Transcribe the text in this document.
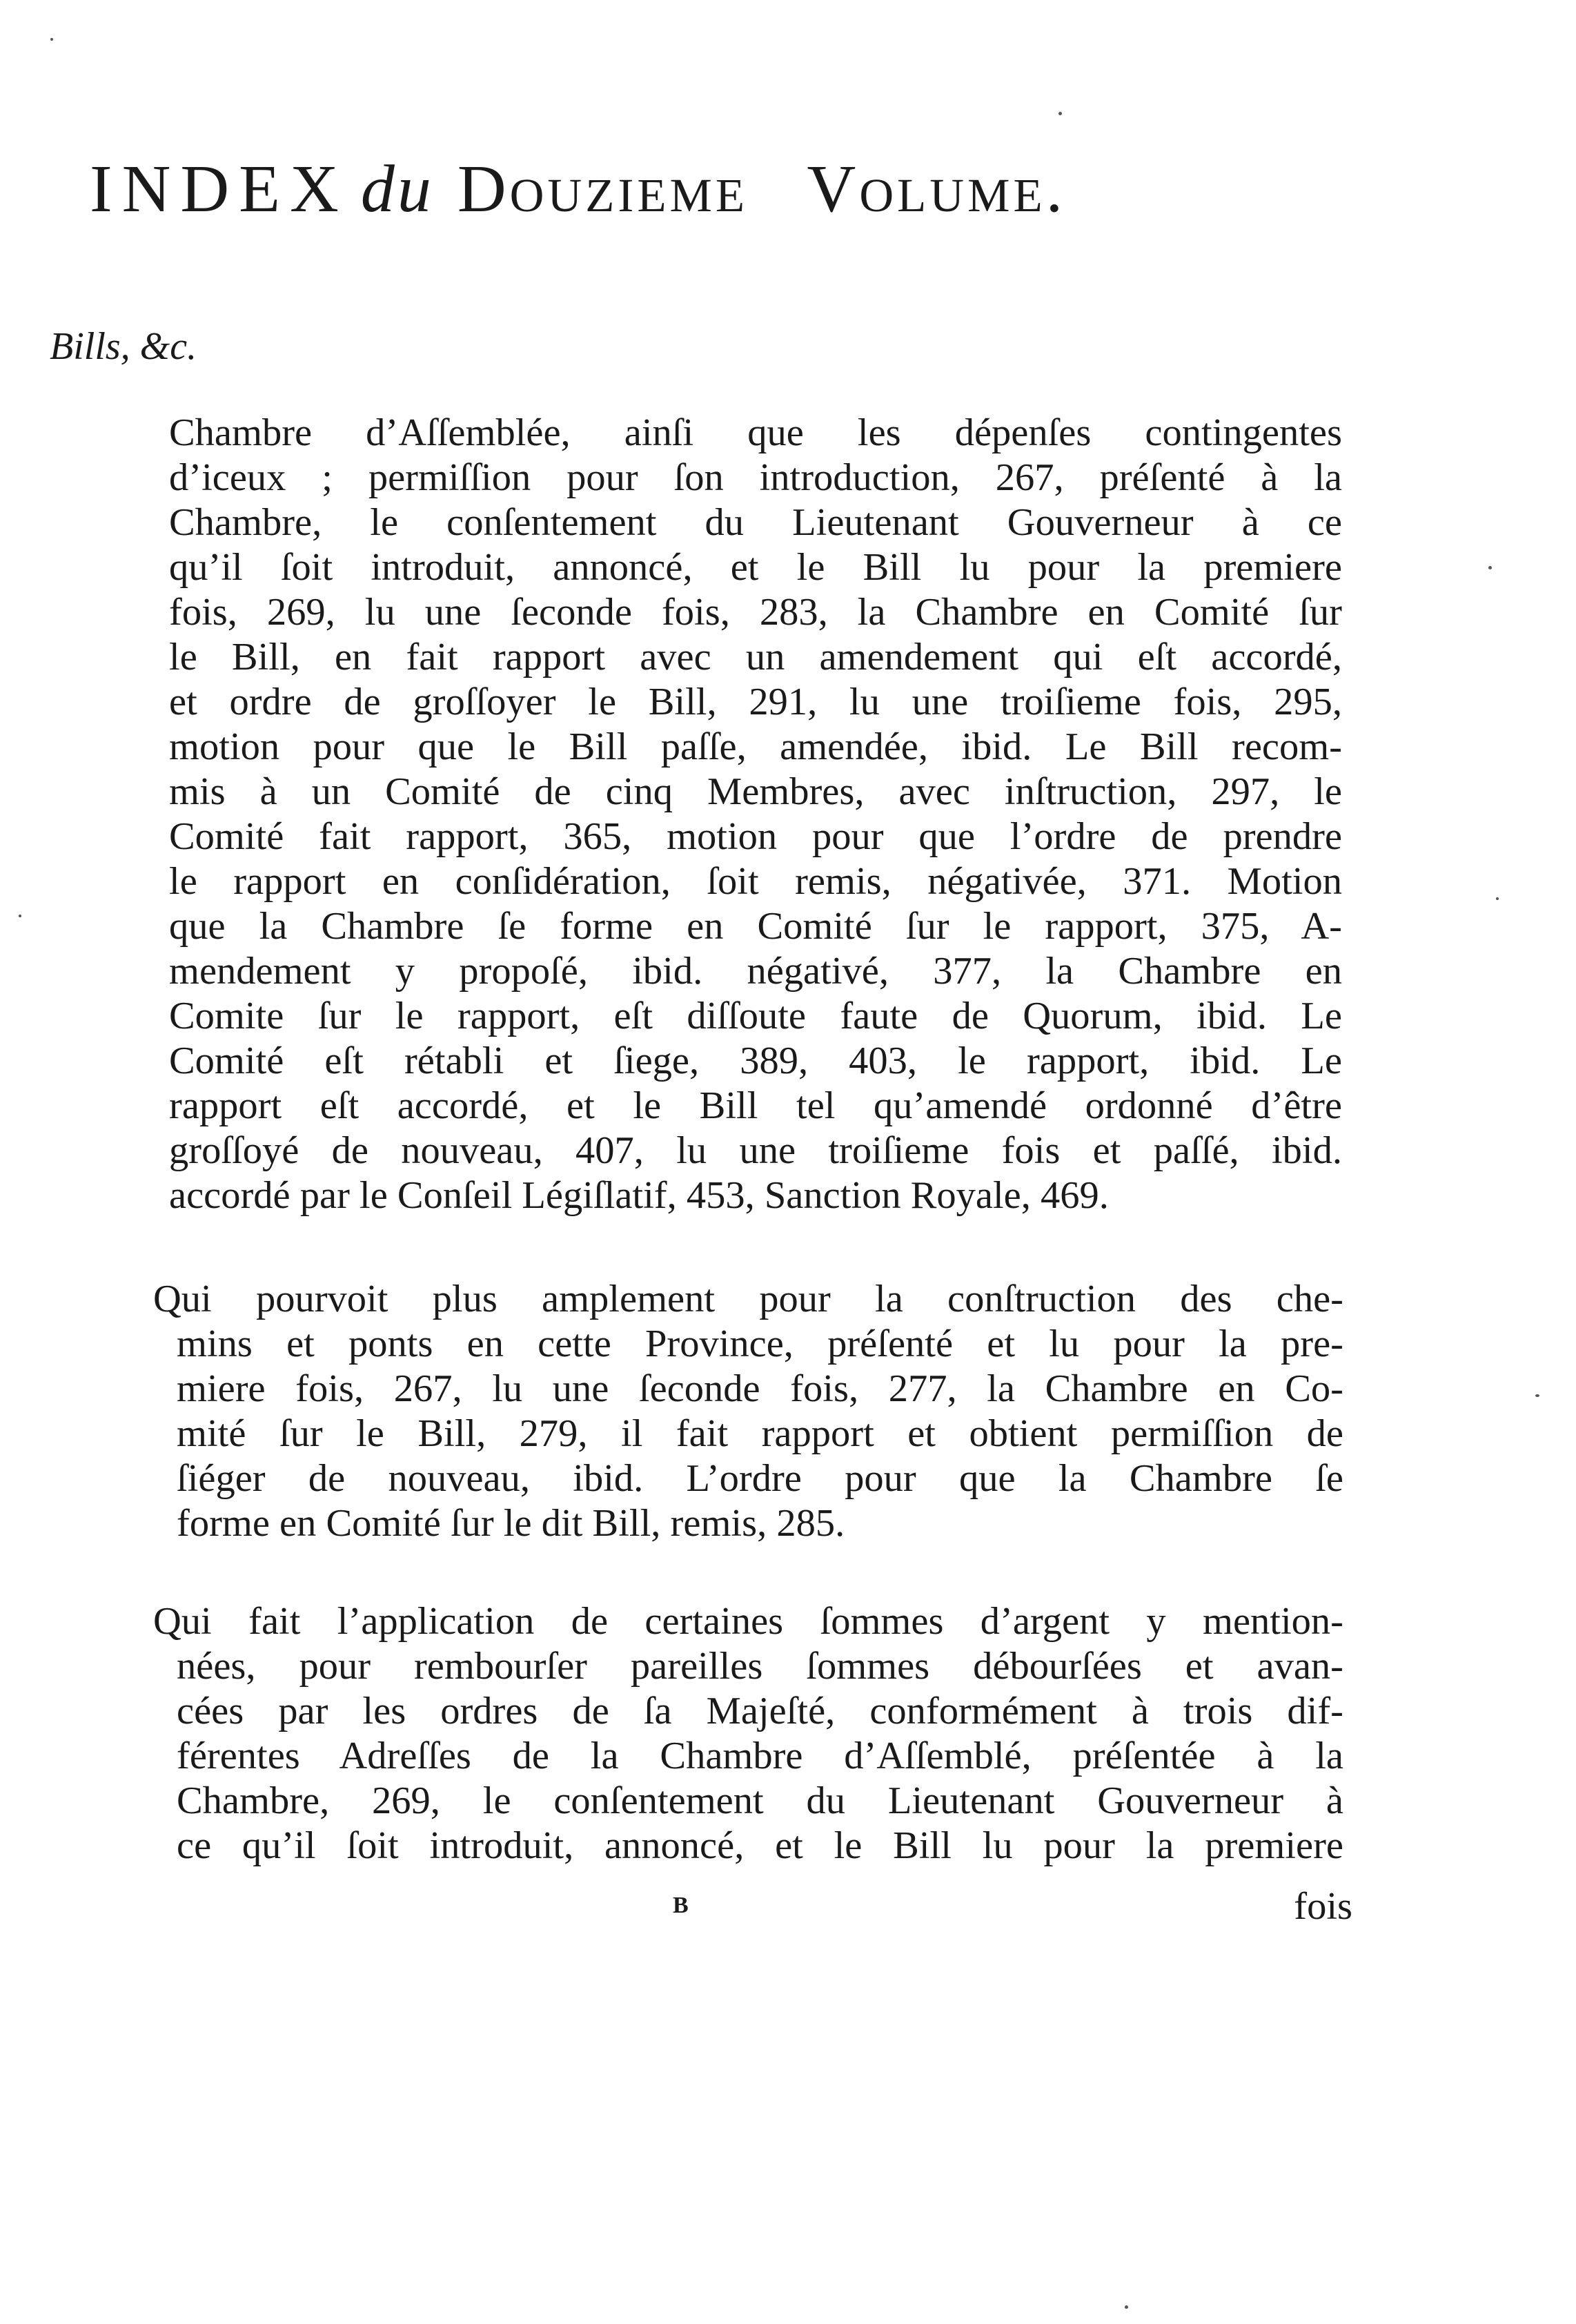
INDEX du Douzieme Volume.
Bills, &c.
Chambre d’Aſſemblée, ainſi que les dépenſes contingentes
d’iceux ; permiſſion pour ſon introduction, 267, préſenté à la
Chambre, le conſentement du Lieutenant Gouverneur à ce
qu’il ſoit introduit, annoncé, et le Bill lu pour la premiere
fois, 269, lu une ſeconde fois, 283, la Chambre en Comité ſur
le Bill, en fait rapport avec un amendement qui eſt accordé,
et ordre de groſſoyer le Bill, 291, lu une troiſieme fois, 295,
motion pour que le Bill paſſe, amendée, ibid. Le Bill recom-
mis à un Comité de cinq Membres, avec inſtruction, 297, le
Comité fait rapport, 365, motion pour que l’ordre de prendre
le rapport en conſidération, ſoit remis, négativée, 371. Motion
que la Chambre ſe forme en Comité ſur le rapport, 375, A-
mendement y propoſé, ibid. négativé, 377, la Chambre en
Comite ſur le rapport, eſt diſſoute faute de Quorum, ibid. Le
Comité eſt rétabli et ſiege, 389, 403, le rapport, ibid. Le
rapport eſt accordé, et le Bill tel qu’amendé ordonné d’être
groſſoyé de nouveau, 407, lu une troiſieme fois et paſſé, ibid.
accordé par le Conſeil Légiſlatif, 453, Sanction Royale, 469.
Qui pourvoit plus amplement pour la conſtruction des che-
mins et ponts en cette Province, préſenté et lu pour la pre-
miere fois, 267, lu une ſeconde fois, 277, la Chambre en Co-
mité ſur le Bill, 279, il fait rapport et obtient permiſſion de
ſiéger de nouveau, ibid. L’ordre pour que la Chambre ſe
forme en Comité ſur le dit Bill, remis, 285.
Qui fait l’application de certaines ſommes d’argent y mention-
nées, pour rembourſer pareilles ſommes débourſées et avan-
cées par les ordres de ſa Majeſté, conformément à trois dif-
férentes Adreſſes de la Chambre d’Aſſemblé, préſentée à la
Chambre, 269, le conſentement du Lieutenant Gouverneur à
ce qu’il ſoit introduit, annoncé, et le Bill lu pour la premiere
B	fois
